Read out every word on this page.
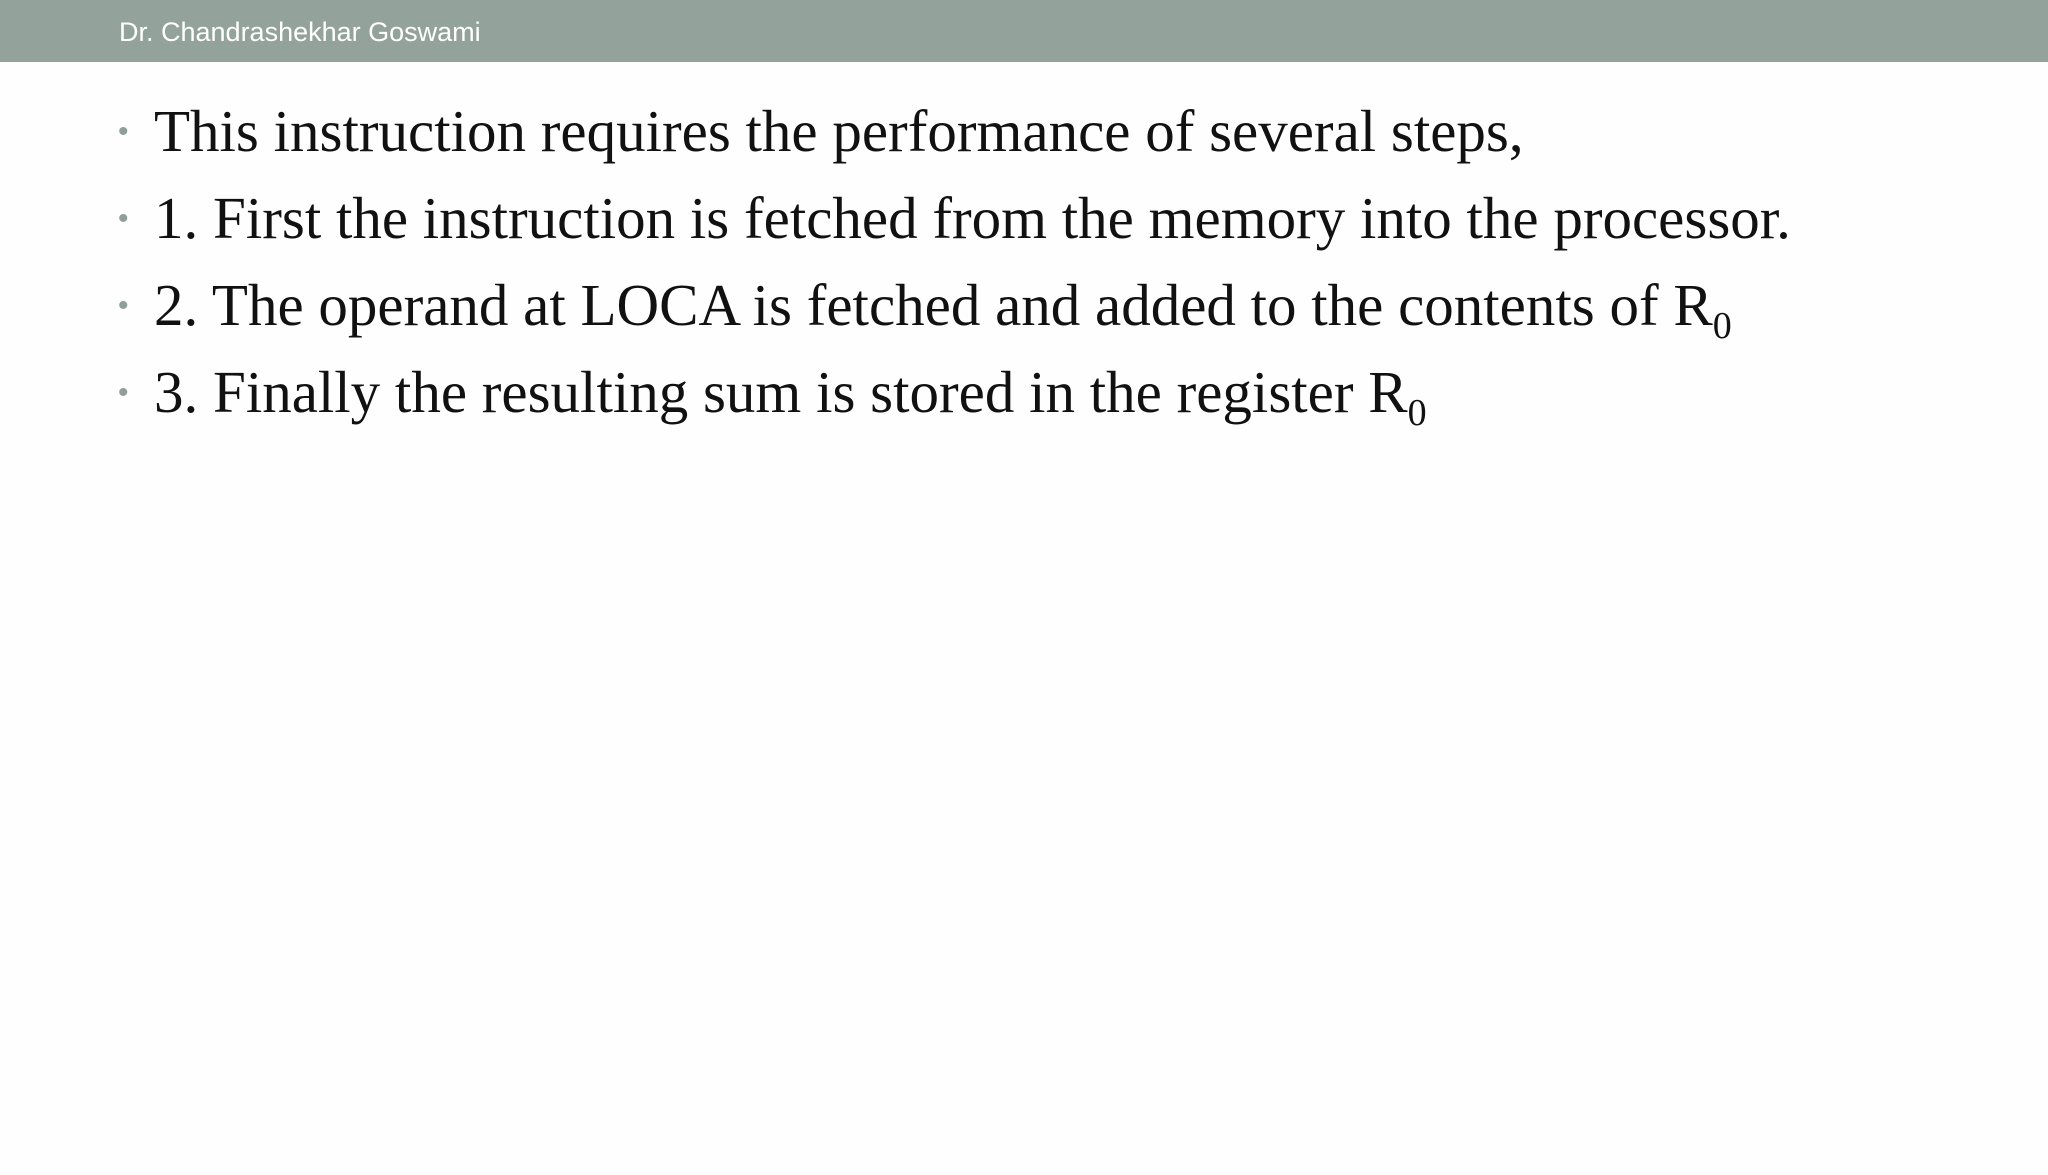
Dr. Chandrashekhar Goswami
• This instruction requires the performance of several steps,
• 1. First the instruction is fetched from the memory into the processor.
• 2. The operand at LOCA is fetched and added to the contents of $R_0$
• 3. Finally the resulting sum is stored in the register $R_0$
